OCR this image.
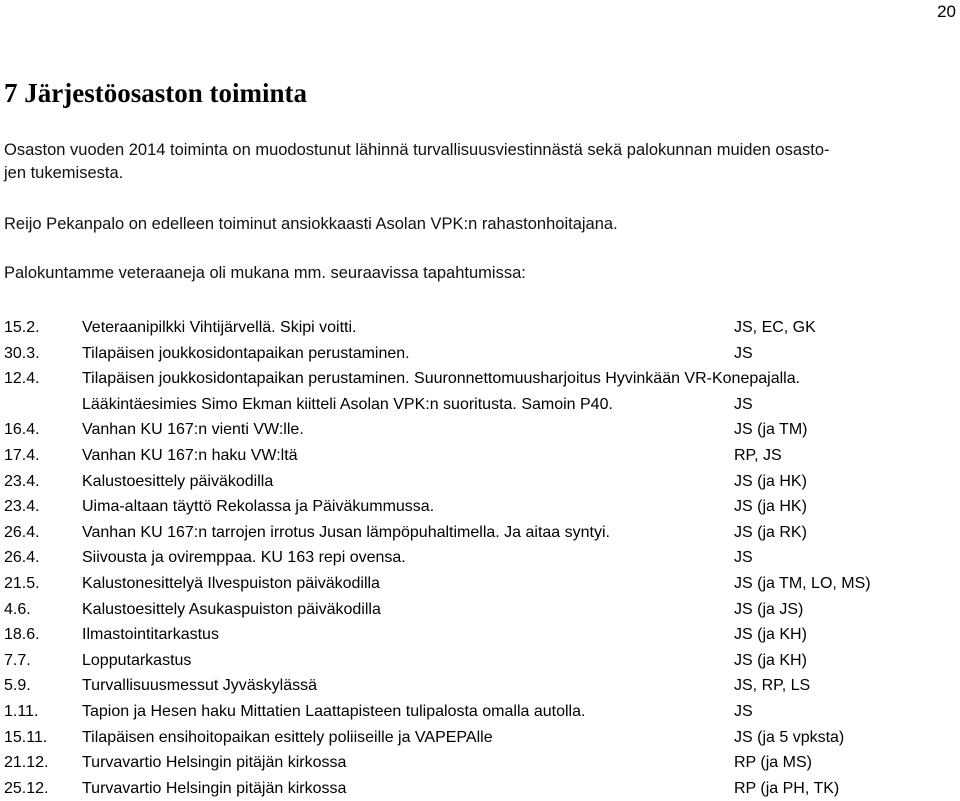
20
7 Järjestöosaston toiminta
Osaston vuoden 2014 toiminta on muodostunut lähinnä turvallisuusviestinnästä sekä palokunnan muiden osasto-
jen tukemisesta.

Reijo Pekanpalo on edelleen toiminut ansiokkaasti Asolan VPK:n rahastonhoitajana.

Palokuntamme veteraaneja oli mukana mm. seuraavissa tapahtumissa:

15.2.	Veteraanipilkki Vihtijärvellä. Skipi voitti.	JS, EC, GK
30.3.	Tilapäisen joukkosidontapaikan perustaminen.	JS
12.4.	Tilapäisen joukkosidontapaikan perustaminen. Suuronnettomuusharjoitus Hyvinkään VR-Konepajalla.
Lääkintäesimies Simo Ekman kiitteli Asolan VPK:n suoritusta. Samoin P40.	JS
16.4.	Vanhan KU 167:n vienti VW:lle.	JS (ja TM)
17.4.	Vanhan KU 167:n haku VW:ltä	RP, JS
23.4.	Kalustoesittely päiväkodilla	JS (ja HK)
23.4.	Uima-altaan täyttö Rekolassa ja Päiväkummussa.	JS (ja HK)
26.4.	Vanhan KU 167:n tarrojen irrotus Jusan lämpöpuhaltimella. Ja aitaa syntyi.	JS (ja RK)
26.4.	Siivousta ja oviremppaa. KU 163 repi ovensa.	JS
21.5.	Kalustonesittelyä Ilvespuiston päiväkodilla	JS (ja TM, LO, MS)
4.6.	Kalustoesittely Asukaspuiston päiväkodilla	JS (ja JS)
18.6.	Ilmastointitarkastus	JS (ja KH)
7.7.	Lopputarkastus	JS (ja KH)
5.9.	Turvallisuusmessut Jyväskylässä	JS, RP, LS
1.11.	Tapion ja Hesen haku Mittatien Laattapisteen tulipalosta omalla autolla.	JS
15.11.	Tilapäisen ensihoitopaikan esittely poliiseille ja VAPEPAlle	JS (ja 5 vpksta)
21.12.	Turvavartio Helsingin pitäjän kirkossa	RP (ja MS)
25.12.	Turvavartio Helsingin pitäjän kirkossa	RP (ja PH, TK)
